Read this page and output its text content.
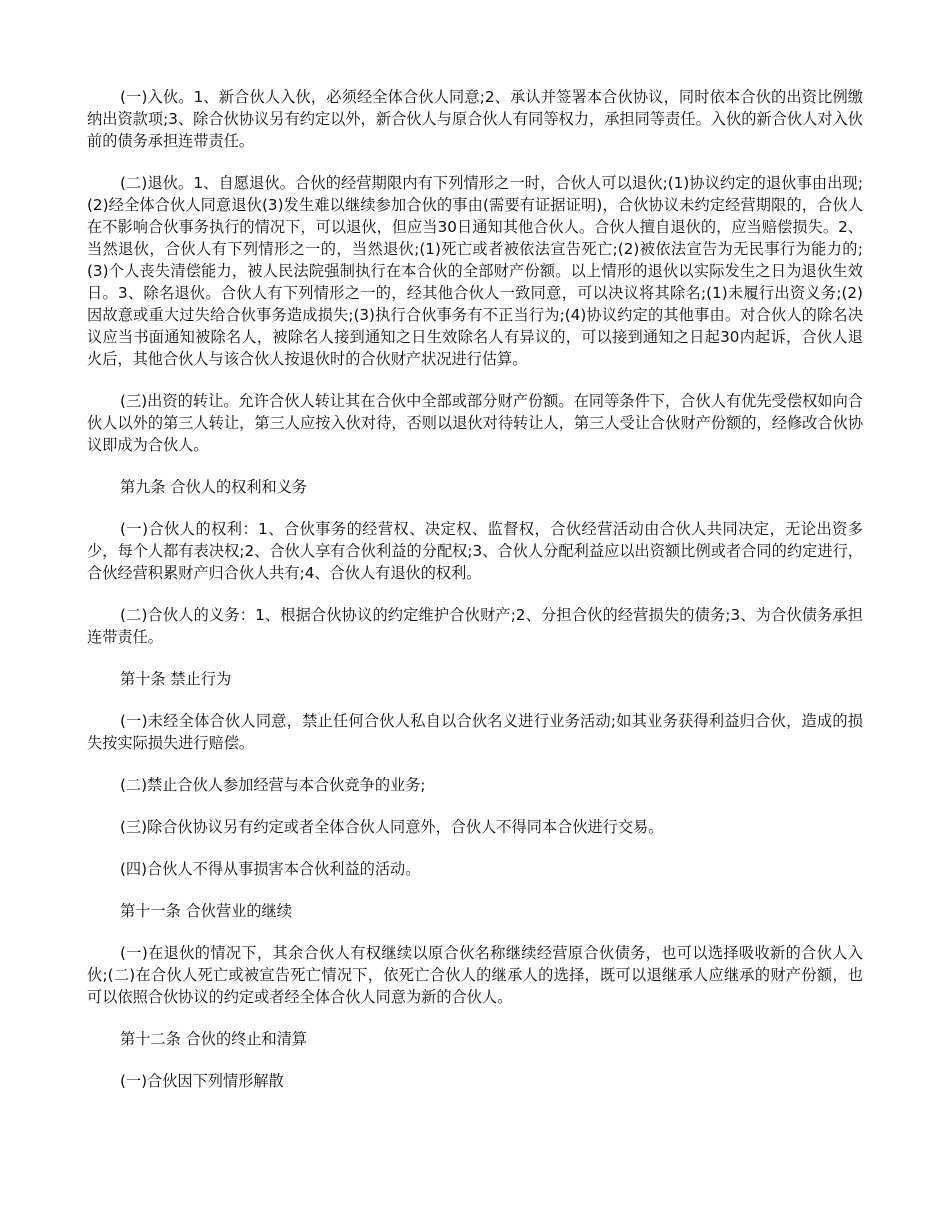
(一)入伙。1、新合伙人入伙，必须经全体合伙人同意;2、承认并签署本合伙协议，同时依本合伙的出资比例缴纳出资款项;3、除合伙协议另有约定以外，新合伙人与原合伙人有同等权力，承担同等责任。入伙的新合伙人对入伙前的债务承担连带责任。

(二)退伙。1、自愿退伙。合伙的经营期限内有下列情形之一时，合伙人可以退伙;(1)协议约定的退伙事由出现;(2)经全体合伙人同意退伙(3)发生难以继续参加合伙的事由(需要有证据证明)，合伙协议未约定经营期限的，合伙人在不影响合伙事务执行的情况下，可以退伙，但应当30日通知其他合伙人。合伙人擅自退伙的，应当赔偿损失。2、当然退伙，合伙人有下列情形之一的，当然退伙;(1)死亡或者被依法宣告死亡;(2)被依法宣告为无民事行为能力的;(3)个人丧失清偿能力，被人民法院强制执行在本合伙的全部财产份额。以上情形的退伙以实际发生之日为退伙生效日。3、除名退伙。合伙人有下列情形之一的，经其他合伙人一致同意，可以决议将其除名;(1)未履行出资义务;(2)因故意或重大过失给合伙事务造成损失;(3)执行合伙事务有不正当行为;(4)协议约定的其他事由。对合伙人的除名决议应当书面通知被除名人，被除名人接到通知之日生效除名人有异议的，可以接到通知之日起30内起诉，合伙人退火后，其他合伙人与该合伙人按退伙时的合伙财产状况进行估算。

(三)出资的转让。允许合伙人转让其在合伙中全部或部分财产份额。在同等条件下，合伙人有优先受偿权如向合伙人以外的第三人转让，第三人应按入伙对待，否则以退伙对待转让人，第三人受让合伙财产份额的，经修改合伙协议即成为合伙人。

第九条 合伙人的权利和义务

(一)合伙人的权利：1、合伙事务的经营权、决定权、监督权，合伙经营活动由合伙人共同决定，无论出资多少，每个人都有表决权;2、合伙人享有合伙利益的分配权;3、合伙人分配利益应以出资额比例或者合同的约定进行，合伙经营积累财产归合伙人共有;4、合伙人有退伙的权利。

(二)合伙人的义务：1、根据合伙协议的约定维护合伙财产;2、分担合伙的经营损失的债务;3、为合伙债务承担连带责任。

第十条 禁止行为

(一)未经全体合伙人同意，禁止任何合伙人私自以合伙名义进行业务活动;如其业务获得利益归合伙，造成的损失按实际损失进行赔偿。

(二)禁止合伙人参加经营与本合伙竞争的业务;

(三)除合伙协议另有约定或者全体合伙人同意外，合伙人不得同本合伙进行交易。

(四)合伙人不得从事损害本合伙利益的活动。

第十一条 合伙营业的继续

(一)在退伙的情况下，其余合伙人有权继续以原合伙名称继续经营原合伙债务，也可以选择吸收新的合伙人入伙;(二)在合伙人死亡或被宣告死亡情况下，依死亡合伙人的继承人的选择，既可以退继承人应继承的财产份额，也可以依照合伙协议的约定或者经全体合伙人同意为新的合伙人。

第十二条 合伙的终止和清算

(一)合伙因下列情形解散
